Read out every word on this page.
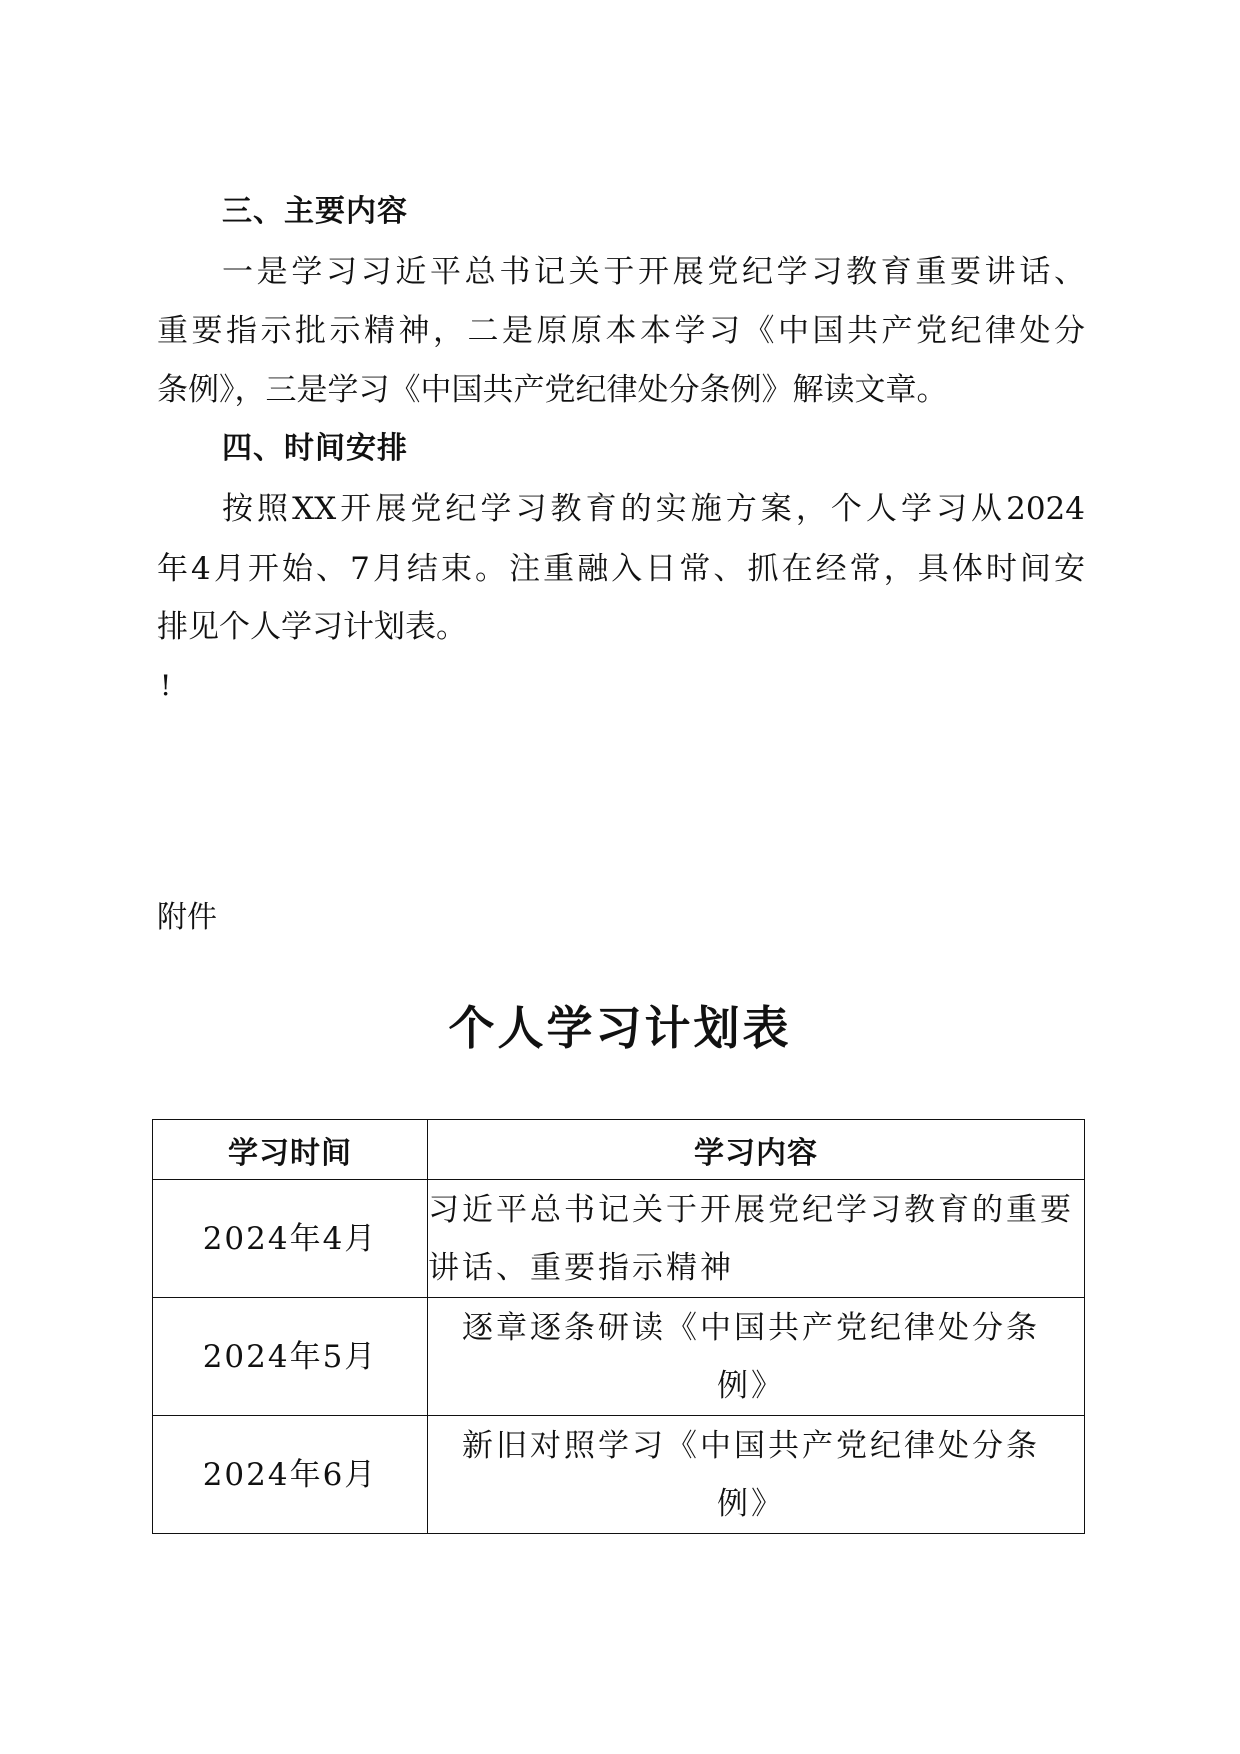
三、主要内容
一是学习习近平总书记关于开展党纪学习教育重要讲话、
重要指示批示精神，二是原原本本学习《中国共产党纪律处分
条例》，三是学习《中国共产党纪律处分条例》解读文章。
四、时间安排
按照XX开展党纪学习教育的实施方案，个人学习从2024
年4月开始、7月结束。注重融入日常、抓在经常，具体时间安
排见个人学习计划表。
!
附件
个人学习计划表
学习时间	学习内容
2024年4月	习近平总书记关于开展党纪学习教育的重要讲话、重要指示精神
2024年5月	逐章逐条研读《中国共产党纪律处分条例》
2024年6月	新旧对照学习《中国共产党纪律处分条例》
